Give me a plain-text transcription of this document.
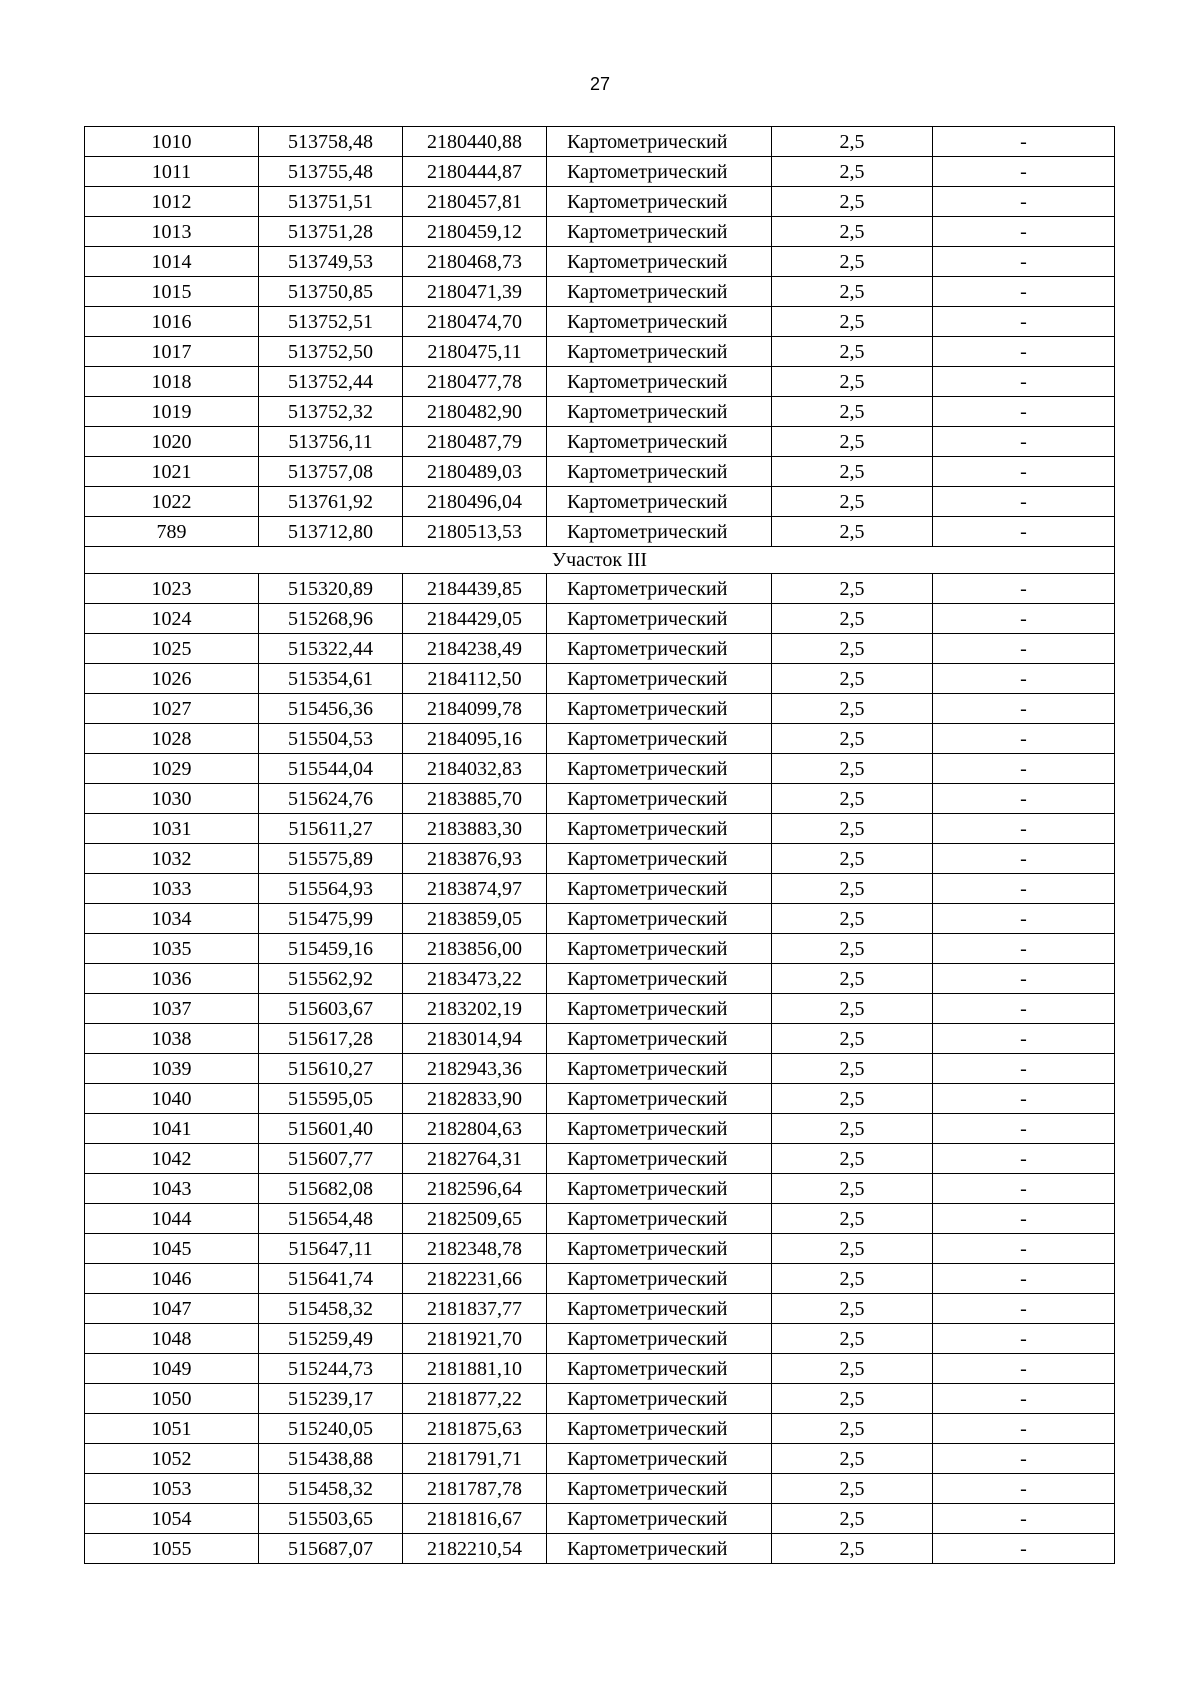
27
1010	513758,48	2180440,88	Картометрический	2,5	-
1011	513755,48	2180444,87	Картометрический	2,5	-
1012	513751,51	2180457,81	Картометрический	2,5	-
1013	513751,28	2180459,12	Картометрический	2,5	-
1014	513749,53	2180468,73	Картометрический	2,5	-
1015	513750,85	2180471,39	Картометрический	2,5	-
1016	513752,51	2180474,70	Картометрический	2,5	-
1017	513752,50	2180475,11	Картометрический	2,5	-
1018	513752,44	2180477,78	Картометрический	2,5	-
1019	513752,32	2180482,90	Картометрический	2,5	-
1020	513756,11	2180487,79	Картометрический	2,5	-
1021	513757,08	2180489,03	Картометрический	2,5	-
1022	513761,92	2180496,04	Картометрический	2,5	-
789	513712,80	2180513,53	Картометрический	2,5	-
Участок III					
1023	515320,89	2184439,85	Картометрический	2,5	-
1024	515268,96	2184429,05	Картометрический	2,5	-
1025	515322,44	2184238,49	Картометрический	2,5	-
1026	515354,61	2184112,50	Картометрический	2,5	-
1027	515456,36	2184099,78	Картометрический	2,5	-
1028	515504,53	2184095,16	Картометрический	2,5	-
1029	515544,04	2184032,83	Картометрический	2,5	-
1030	515624,76	2183885,70	Картометрический	2,5	-
1031	515611,27	2183883,30	Картометрический	2,5	-
1032	515575,89	2183876,93	Картометрический	2,5	-
1033	515564,93	2183874,97	Картометрический	2,5	-
1034	515475,99	2183859,05	Картометрический	2,5	-
1035	515459,16	2183856,00	Картометрический	2,5	-
1036	515562,92	2183473,22	Картометрический	2,5	-
1037	515603,67	2183202,19	Картометрический	2,5	-
1038	515617,28	2183014,94	Картометрический	2,5	-
1039	515610,27	2182943,36	Картометрический	2,5	-
1040	515595,05	2182833,90	Картометрический	2,5	-
1041	515601,40	2182804,63	Картометрический	2,5	-
1042	515607,77	2182764,31	Картометрический	2,5	-
1043	515682,08	2182596,64	Картометрический	2,5	-
1044	515654,48	2182509,65	Картометрический	2,5	-
1045	515647,11	2182348,78	Картометрический	2,5	-
1046	515641,74	2182231,66	Картометрический	2,5	-
1047	515458,32	2181837,77	Картометрический	2,5	-
1048	515259,49	2181921,70	Картометрический	2,5	-
1049	515244,73	2181881,10	Картометрический	2,5	-
1050	515239,17	2181877,22	Картометрический	2,5	-
1051	515240,05	2181875,63	Картометрический	2,5	-
1052	515438,88	2181791,71	Картометрический	2,5	-
1053	515458,32	2181787,78	Картометрический	2,5	-
1054	515503,65	2181816,67	Картометрический	2,5	-
1055	515687,07	2182210,54	Картометрический	2,5	-
